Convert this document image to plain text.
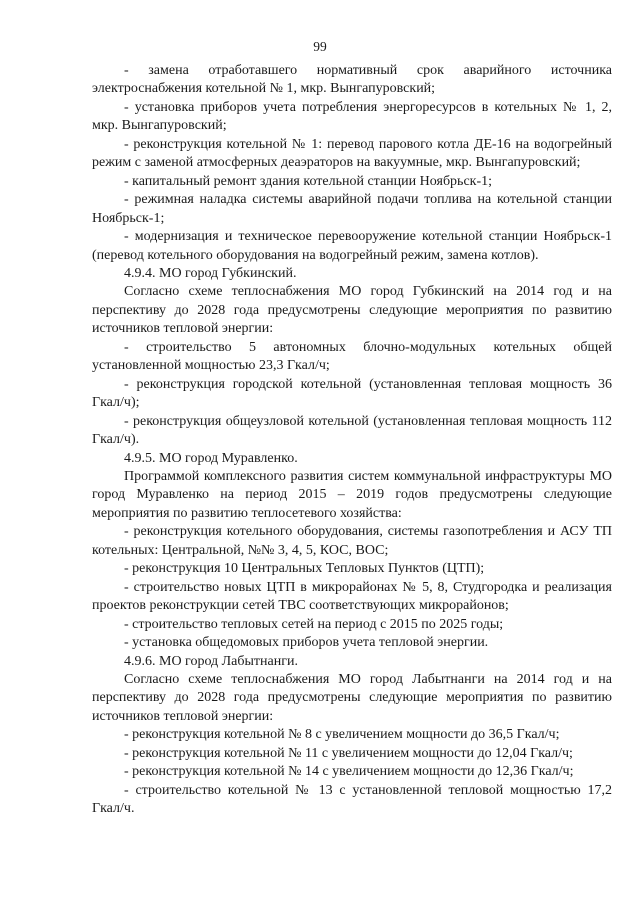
99

- замена отработавшего нормативный срок аварийного источника электроснабжения котельной № 1, мкр. Вынгапуровский;

- установка приборов учета потребления энергоресурсов в котельных № 1, 2, мкр. Вынгапуровский;

- реконструкция котельной № 1: перевод парового котла ДЕ-16 на водогрейный режим с заменой атмосферных деаэраторов на вакуумные, мкр. Вынгапуровский;

- капитальный ремонт здания котельной станции Ноябрьск-1;

- режимная наладка системы аварийной подачи топлива на котельной станции Ноябрьск-1;

- модернизация и техническое перевооружение котельной станции Ноябрьск-1 (перевод котельного оборудования на водогрейный режим, замена котлов).

4.9.4. МО город Губкинский.

Согласно схеме теплоснабжения МО город Губкинский на 2014 год и на перспективу до 2028 года предусмотрены следующие мероприятия по развитию источников тепловой энергии:

- строительство 5 автономных блочно-модульных котельных общей установленной мощностью 23,3 Гкал/ч;

- реконструкция городской котельной (установленная тепловая мощность 36 Гкал/ч);

- реконструкция общеузловой котельной (установленная тепловая мощность 112 Гкал/ч).

4.9.5. МО город Муравленко.

Программой комплексного развития систем коммунальной инфраструктуры МО город Муравленко на период 2015 – 2019 годов предусмотрены следующие мероприятия по развитию теплосетевого хозяйства:

- реконструкция котельного оборудования, системы газопотребления и АСУ ТП котельных: Центральной, №№ 3, 4, 5, КОС, ВОС;

- реконструкция 10 Центральных Тепловых Пунктов (ЦТП);

- строительство новых ЦТП в микрорайонах № 5, 8, Студгородка и реализация проектов реконструкции сетей ТВС соответствующих микрорайонов;

- строительство тепловых сетей на период с 2015 по 2025 годы;

- установка общедомовых приборов учета тепловой энергии.

4.9.6. МО город Лабытнанги.

Согласно схеме теплоснабжения МО город Лабытнанги на 2014 год и на перспективу до 2028 года предусмотрены следующие мероприятия по развитию источников тепловой энергии:

- реконструкция котельной № 8 с увеличением мощности до 36,5 Гкал/ч;

- реконструкция котельной № 11 с увеличением мощности до 12,04 Гкал/ч;

- реконструкция котельной № 14 с увеличением мощности до 12,36 Гкал/ч;

- строительство котельной № 13 с установленной тепловой мощностью 17,2 Гкал/ч.
